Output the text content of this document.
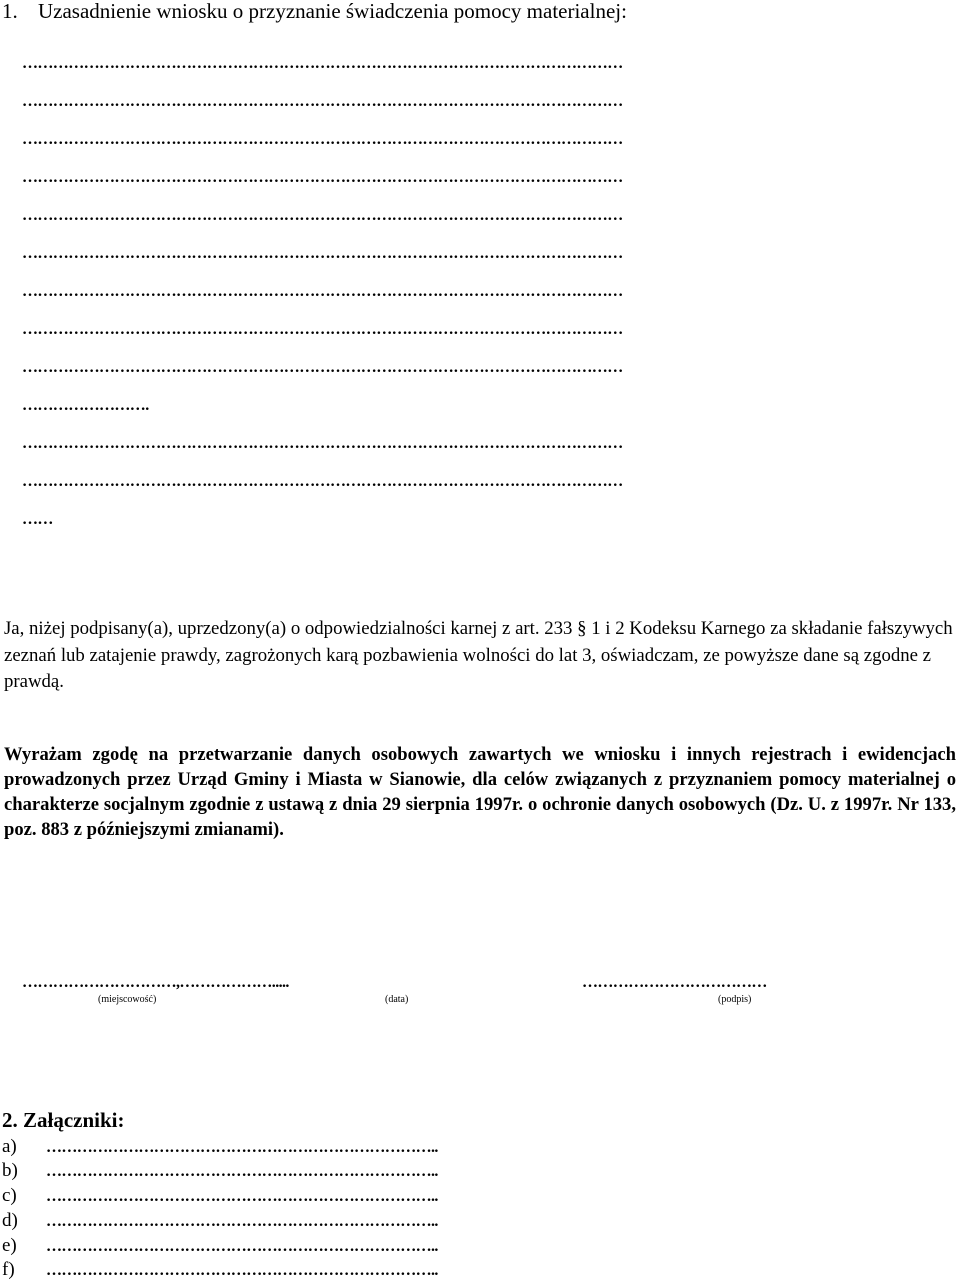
1. Uzasadnienie wniosku o przyznanie świadczenia pomocy materialnej:
………………………………………………………………………………………………………
………………………………………………………………………………………………………
………………………………………………………………………………………………………
………………………………………………………………………………………………………
………………………………………………………………………………………………………
………………………………………………………………………………………………………
………………………………………………………………………………………………………
………………………………………………………………………………………………………
………………………………………………………………………………………………………
…………………….
………………………………………………………………………………………………………
………………………………………………………………………………………………………
……
Ja, niżej podpisany(a), uprzedzony(a) o odpowiedzialności karnej z art. 233 § 1 i 2 Kodeksu Karnego za składanie fałszywych zeznań lub zatajenie prawdy, zagrożonych karą pozbawienia wolności do lat 3, oświadczam, ze powyższe dane są zgodne z prawdą.
Wyrażam zgodę na przetwarzanie danych osobowych zawartych we wniosku i innych rejestrach i ewidencjach prowadzonych przez Urząd Gminy i Miasta w Sianowie, dla celów związanych z przyznaniem pomocy materialnej o charakterze socjalnym zgodnie z ustawą z dnia 29 sierpnia 1997r. o ochronie danych osobowych (Dz. U. z 1997r. Nr 133, poz. 883 z późniejszymi zmianami).
…………………………,……………….....	………………………………
(miejscowość)	(data)	(podpis)
2. Załączniki:
a) …………………………………………………………………..
b) …………………………………………………………………..
c) …………………………………………………………………..
d) …………………………………………………………………..
e) …………………………………………………………………..
f) …………………………………………………………………..
